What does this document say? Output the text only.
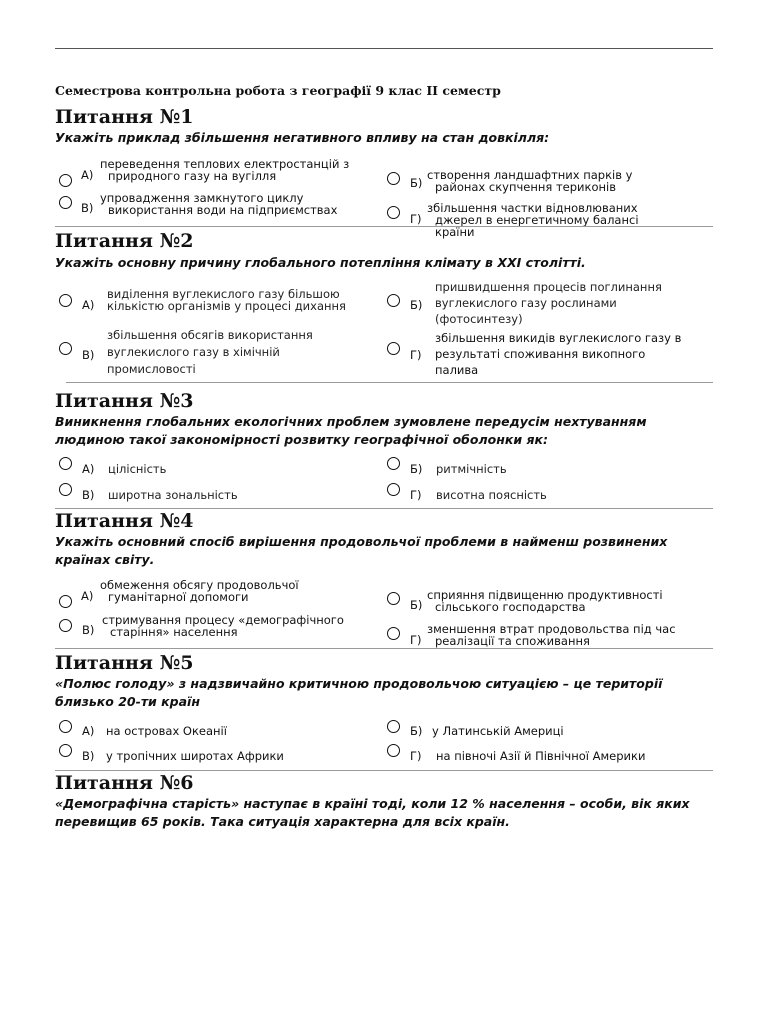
Семестрова контрольна робота з географії 9 клас ІІ семестр
Питання №1
Укажіть приклад збільшення негативного впливу на стан довкілля:
А)
переведення теплових електростанцій з
природного газу на вугілля	Б)
створення ландшафтних парків у
районах скупчення териконів
В)
упровадження замкнутого циклу
використання води на підприємствах
Г)
збільшення частки відновлюваних
джерел в енергетичному балансі
країни
Питання №2
Укажіть основну причину глобального потепління клімату в XXI столітті.
А)
виділення вуглекислого газу більшою
кількістю організмів у процесі дихання	Б)
пришвидшення процесів поглинання
вуглекислого газу рослинами
(фотосинтезу)
В)
збільшення обсягів використання
вуглекислого газу в хімічній
промисловості
Г)
збільшення викидів вуглекислого газу в
результаті споживання викопного
палива
Питання №3
Виникнення глобальних екологічних проблем зумовлене передусім нехтуванням людиною такої закономірності розвитку географічної оболонки як:
А) цілісність	Б) ритмічність
В) широтна зональність	Г) висотна поясність
Питання №4
Укажіть основний спосіб вирішення продовольчої проблеми в найменш розвинених країнах світу.
А)
обмеження обсягу продовольчої
гуманітарної допомоги
Б)
сприяння підвищенню продуктивності
сільського господарства
В)
стримування процесу «демографічного
старіння» населення
Г)
зменшення втрат продовольства під час
реалізації та споживання
Питання №5
«Полюс голоду» з надзвичайно критичною продовольчою ситуацією – це території близько 20-ти країн
А) на островах Океанії	Б) у Латинській Америці
В) у тропічних широтах Африки	Г) на півночі Азії й Північної Америки
Питання №6
«Демографічна старість» наступає в країні тоді, коли 12 % населення – особи, вік яких перевищив 65 років. Така ситуація характерна для всіх країн.
